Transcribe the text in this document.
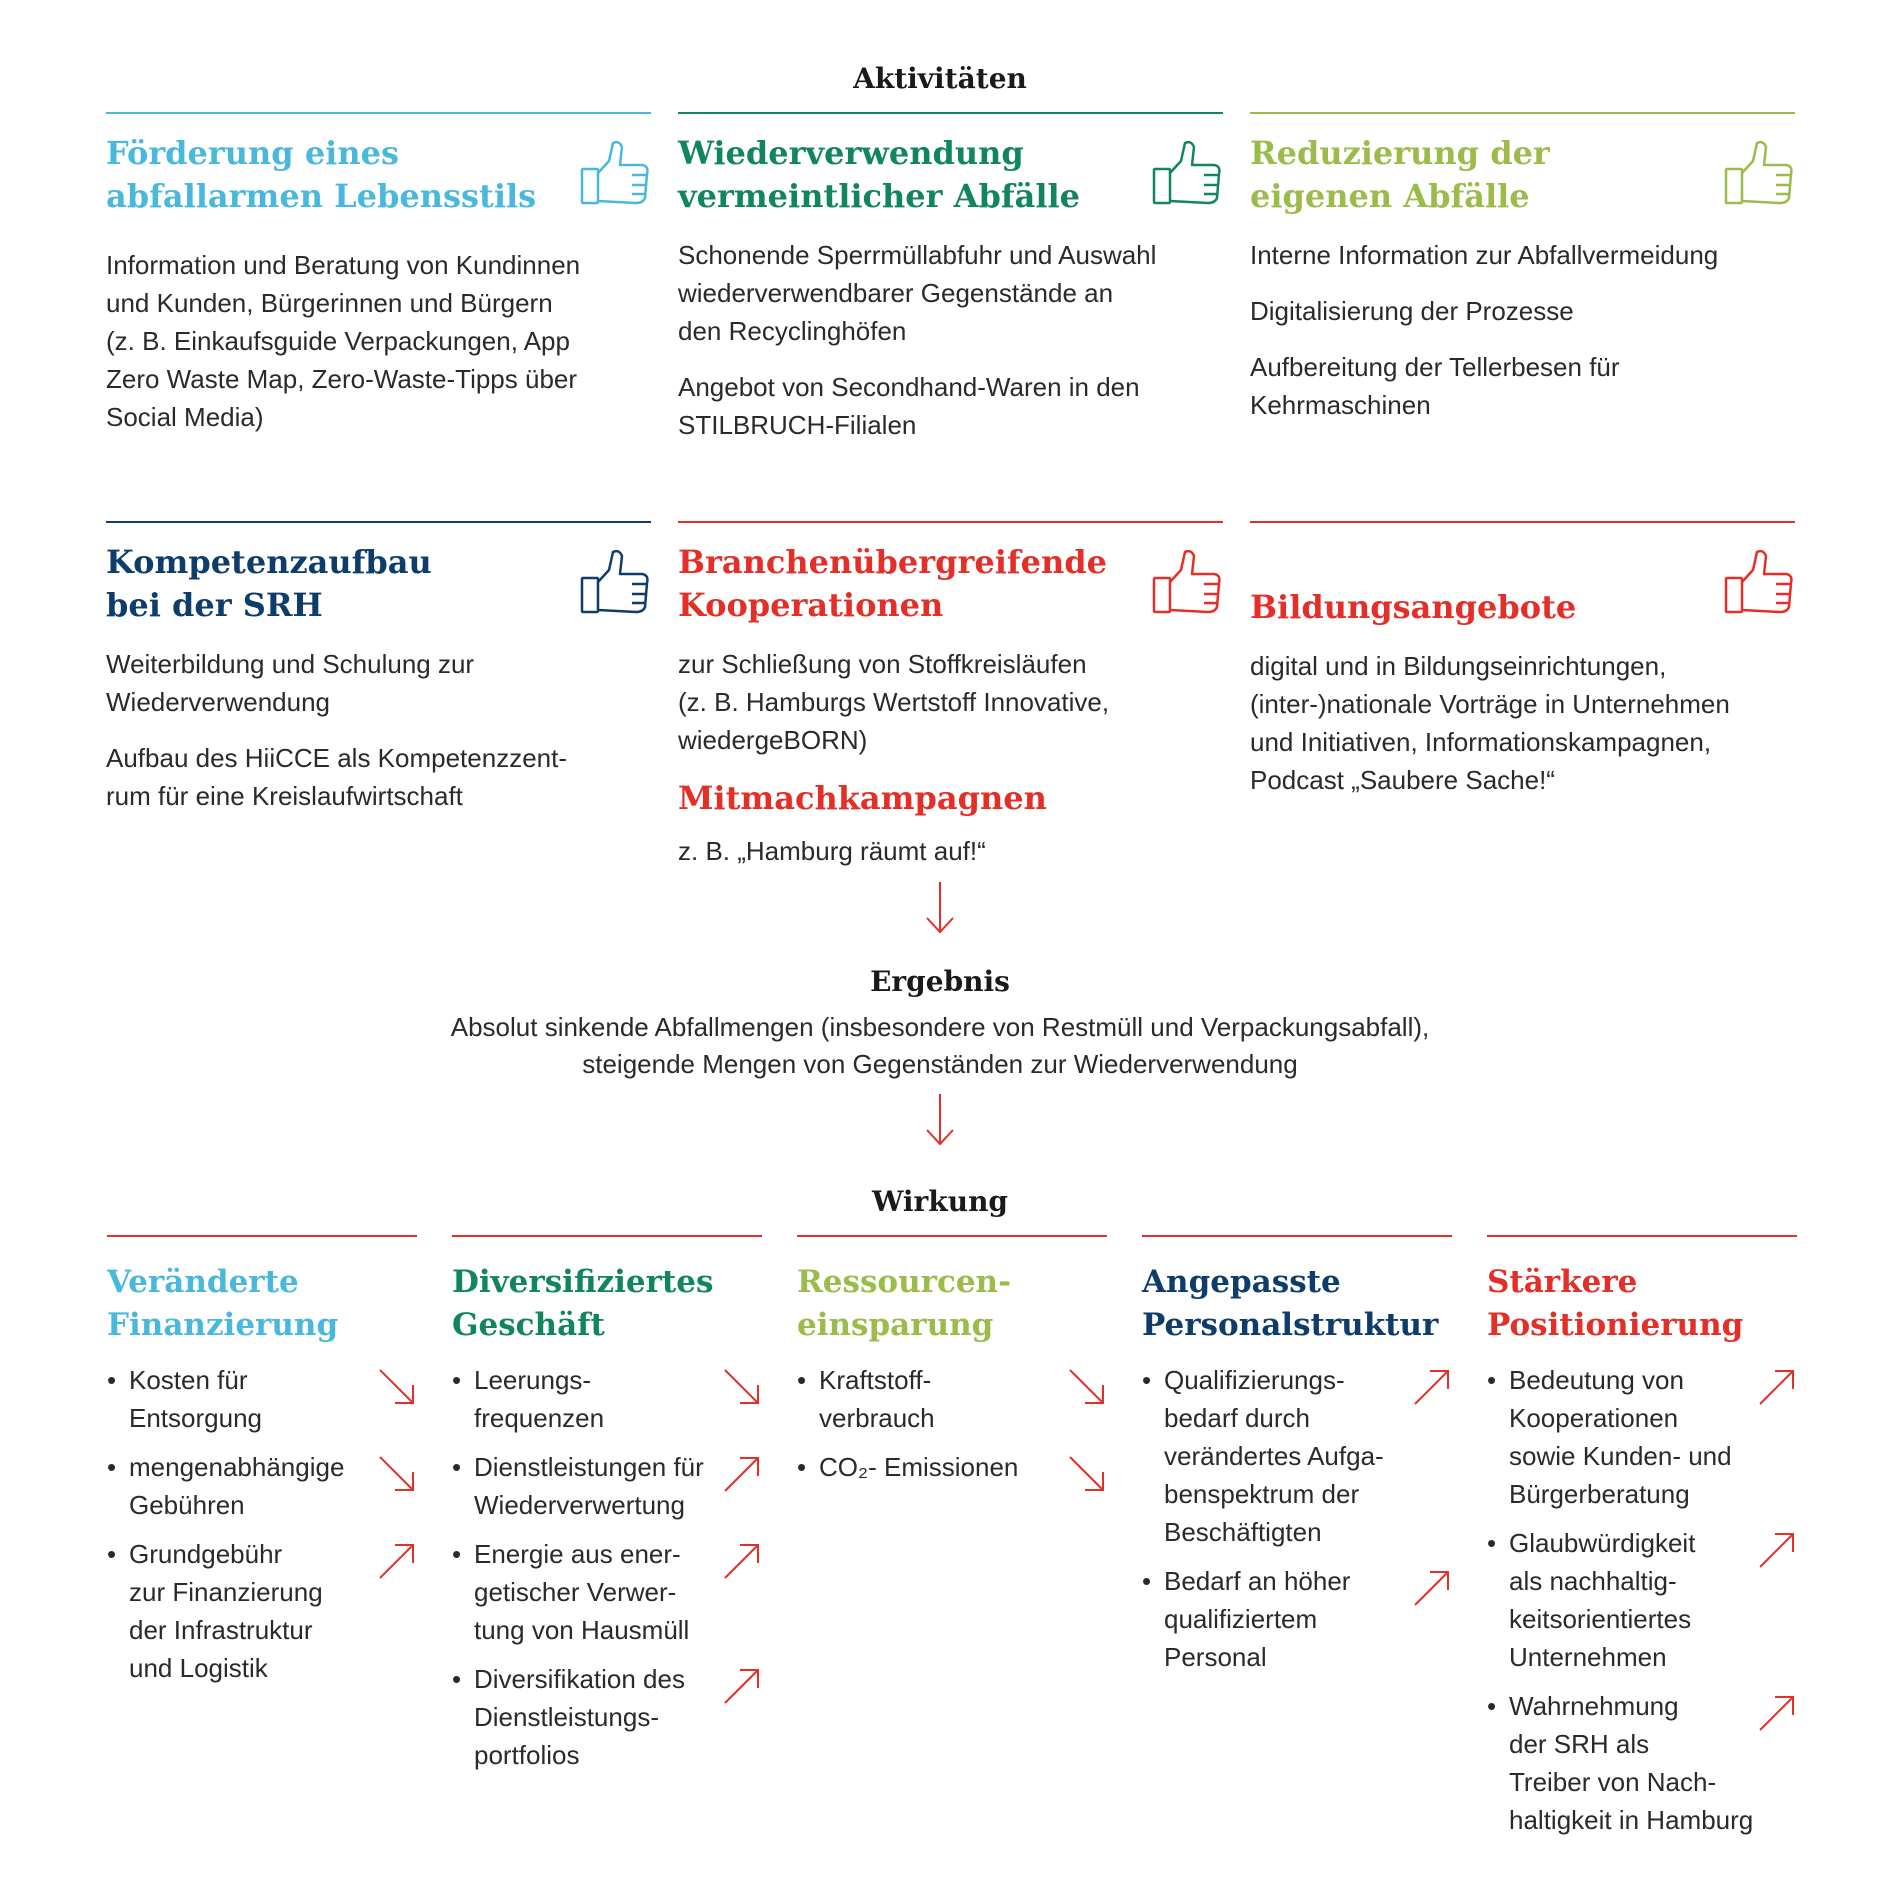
Aktivitäten
Förderung eines
abfallarmen Lebensstils

Information und Beratung von Kundinnen
und Kunden, Bürgerinnen und Bürgern
(z. B. Einkaufsguide Verpackungen, App
Zero Waste Map, Zero-Waste-Tipps über
Social Media)

Wiederverwendung
vermeintlicher Abfälle

Schonende Sperrmüllabfuhr und Auswahl
wiederverwendbarer Gegenstände an
den Recyclinghöfen

Angebot von Secondhand-Waren in den
STILBRUCH-Filialen

Reduzierung der
eigenen Abfälle

Interne Information zur Abfallvermeidung

Digitalisierung der Prozesse

Aufbereitung der Tellerbesen für
Kehrmaschinen

Kompetenzaufbau
bei der SRH

Weiterbildung und Schulung zur
Wiederverwendung

Aufbau des HiiCCE als Kompetenzzent-
rum für eine Kreislaufwirtschaft

Branchenübergreifende
Kooperationen

zur Schließung von Stoffkreisläufen
(z. B. Hamburgs Wertstoff Innovative,
wiedergeBORN)

Mitmachkampagnen

z. B. „Hamburg räumt auf!“

Bildungsangebote

digital und in Bildungseinrichtungen,
(inter-)nationale Vorträge in Unternehmen
und Initiativen, Informationskampagnen,
Podcast „Saubere Sache!“

Ergebnis
Absolut sinkende Abfallmengen (insbesondere von Restmüll und Verpackungsabfall),
steigende Mengen von Gegenständen zur Wiederverwendung
Wirkung
Veränderte
Finanzierung
• Kosten für
Entsorgung
• mengenabhängige
Gebühren
• Grundgebühr
zur Finanzierung
der Infrastruktur
und Logistik
Diversifiziertes
Geschäft
• Leerungs-
frequenzen
• Dienstleistungen für
Wiederverwertung
• Energie aus ener-
getischer Verwer-
tung von Hausmüll
• Diversifikation des
Dienstleistungs-
portfolios
Ressourcen-
einsparung
• Kraftstoff-
verbrauch
• CO₂- Emissionen
Angepasste
Personalstruktur
• Qualifizierungs-
bedarf durch
verändertes Aufga-
benspektrum der
Beschäftigten
• Bedarf an höher
qualifiziertem
Personal
Stärkere
Positionierung
• Bedeutung von
Kooperationen
sowie Kunden- und
Bürgerberatung
• Glaubwürdigkeit
als nachhaltig-
keitsorientiertes
Unternehmen
• Wahrnehmung
der SRH als
Treiber von Nach-
haltigkeit in Hamburg
